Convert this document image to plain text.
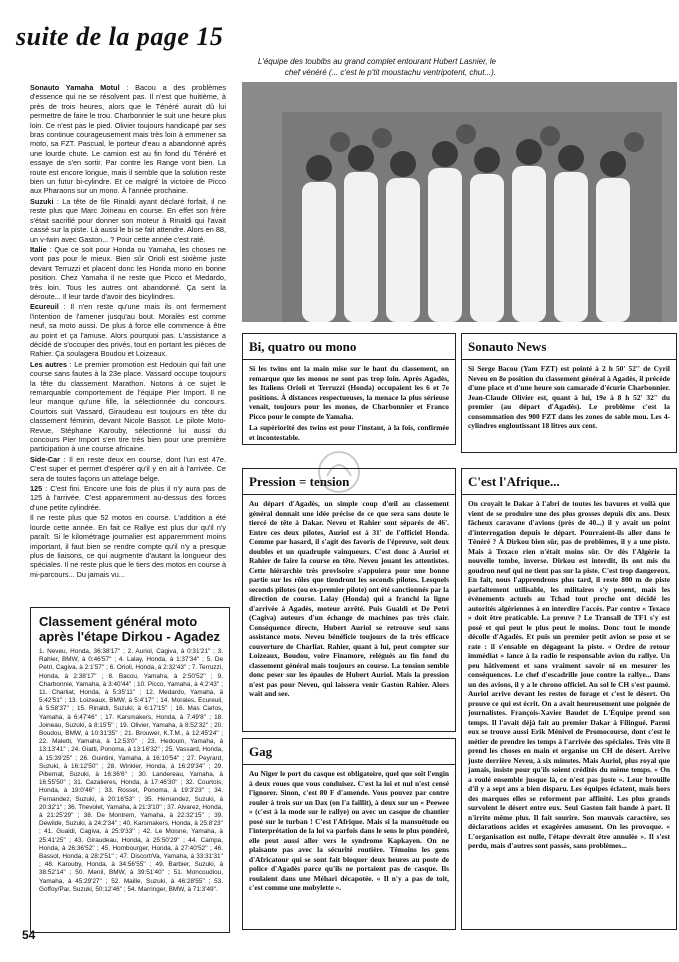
suite de la page 15
L'équipe des toubibs au grand complet entourant Hubert Lasnier, le chef vénéré (... c'est le p'tit moustachu ventripotent, chut...).

Sonauto Yamaha Motul : Bacou a des problèmes d'essence qui ne se résolvent pas. Il n'est que huitième, à près de trois heures, alors que le Ténéré aurait dû lui permettre de faire le trou. Charbonnier le suit une heure plus loin. Ce n'est pas le pied. Olivier toujours handicapé par ses bras continue courageusement mais très loin à emmener sa moto, sa FZT. Pascual, le porteur d'eau a abandonné après une lourde chute. Le camion est au fin fond du Ténéré et essaye de s'en sortir. Par contre les Range vont bien. La route est encore longue, mais il semble que la solution reste bien un futur bi-cylindre. Et ce malgré la victoire de Picco aux Pharaons sur un mono. À l'année prochaine.

Suzuki : La tête de file Rinaldi ayant déclaré forfait, il ne reste plus que Marc Joineau en course. En effet son frère s'était sacrifié pour donner son moteur à Rinaldi qui l'avait cassé sur la piste. Là aussi le bi se fait attendre. Alors en 88, un v-twin avec Gaston... ? Pour cette année c'est raté.

Italie : Que ce soit pour Honda ou Yamaha, les choses ne vont pas pour le mieux. Bien sûr Orioli est sixième juste devant Terruzzi et placent donc les Honda mono en bonne position. Chez Yamaha il ne reste que Picco et Medardo, très loin. Tous les autres ont abandonné. Ça sent la déroute... Il leur tarde d'avoir des bicylindres.

Ecureuil : Il n'en reste qu'une mais ils ont fermement l'intention de l'amener jusqu'au bout. Moralès est comme neuf, sa moto aussi. De plus à force elle commence à être au point et ça l'amuse. Alors pourquoi pas. L'assistance a décidé de s'occuper des privés, tout en portant les pièces de Rahier. Ça soulagera Boudou et Loizeaux.

Les autres : Le premier promotion est Hedouin qui fait une course sans fautes à la 23e place. Vassard occupe toujours la tête du classement Marathon. Notons à ce sujet le remarquable comportement de l'équipe Pier Import. Il ne leur manque qu'une fille, la sélectionnée du concours. Courtois suit Vassard, Giraudeau est toujours en tête du classement féminin, devant Nicole Bassot. Le pilote Moto-Revue, Stéphane Karouby, sélectionné lui aussi du concours Pier Import s'en tire très bien pour une première participation à une course africaine.

Side-Car : Il en reste deux en course, dont l'un est 47e. C'est super et permet d'espérer qu'il y en ait à l'arrivée. Ce sera de toutes façons un attelage belge.

125 : C'est fini. Encore une fois de plus il n'y aura pas de 125 à l'arrivée. C'est apparemment au-dessus des forces d'une petite cylindrée.

Il ne reste plus que 52 motos en course. L'addition a été lourde cette année. En fait ce Rallye est plus dur qu'il n'y paraît. Si le kilométrage journalier est apparemment moins important, il faut bien se rendre compte qu'il n'y a presque plus de liaisons, ce qui augmente d'autant la longueur des spéciales. Il ne reste plus que le tiers des motos en course à mi-parcours... Du jamais vu...

Classement général moto après l'étape Dirkou - Agadez
1. Neveu, Honda, 36:38'17'' ; 2. Auriol, Cagiva, à 0:31'21'' ; 3. Rahier, BMW, à 0:46'57'' ; 4. Lalay, Honda, à 1:37'34'' ; 5. De Petri, Cagiva, à 2:1'57'' ; 6. Orioli, Honda, à 2:32'43'' ; 7. Terruzzi, Honda, à 2:38'17'' ; 8. Bacou, Yamaha, à 2:50'52'' ; 9. Charbonnie, Yamaha, à 3:40'44'' ; 10. Picco, Yamaha, à 4:2'43'' ; 11. Charliat, Honda, à 5:35'11'' ; 12. Medardo, Yamaha, à 5:42'51'' ; 13. Loizeaux, BMW, à 5:4'17'' ; 14. Morales, Ecureuil, à 5:58'37'' ; 15. Rinaldi, Suzuki, à 6:17'15'' ; 16. Mas Carlos, Yamaha, à 6:47'46'' ; 17. Karsmakers, Honda, à 7:49'8'' ; 18. Joineau, Suzuki, à 8:15'5'' ; 19. Olivier, Yamaha, à 8:52'32'' ; 20. Boudou, BMW, à 10:31'35'' ; 21. Brouwer, K.T.M., à 12:45'24'' ; 22. Maletti, Yamaha, à 12:53'0'' ; 23. Hedouin, Yamaha, à 13:13'41'' ; 24. Giatti, Ponoma, à 13:16'32'' ; 25. Vassard, Honda, à 15:39'25'' ; 26. Guintini, Yamaha, à 16:10'54'' ; 27. Peyrard, Suzuki, à 16:12'50'' ; 28. Winkler, Honda, à 16:29'34'' ; 29. Pibernat, Suzuki, à 16:36'6'' ; 30. Landereau, Yamaha, à 16:55'50'' ; 31. Cazalieres, Honda, à 17:46'30'' ; 32. Courtois, Honda, à 19:0'46'' ; 33. Rosset, Ponoma, à 19:3'23'' ; 34. Fernandez, Suzuki, à 20:16'53'' ; 35. Hernandez, Suzuki, à 20:32'1'' ; 36. Thevolet, Yamaha, à 21:3'10'' ; 37. Alvarez, Honda, à 21:25'29'' ; 38. De Montrem, Yamaha, à 22:32'15'' ; 39. Dewilde, Suzuki, à 24:2'34'' ; 40. Karsmakers, Honda, à 25:8'23'' ; 41. Gualdi, Cagiva, à 25:9'33'' ; 42. Le Moisne, Yamaha, à 25:41'25'' ; 43. Giraudeau, Honda, à 25:50'29'' ; 44. Campa, Honda, à 26:36'52'' ; 45. Hombourger, Honda, à 27:40'52'' ; 46. Bassot, Honda, à 28:2'51'' ; 47. Discort/Va, Yamaha, à 33:31'31'' ; 48. Karouby, Honda, à 34:56'55'' ; 49. Barbier, Suzuki, à 38:52'14'' ; 50. Menil, BMW, à 39:51'40'' ; 51. Moncoudiou, Yamaha, à 45:29'27'' ; 52. Maille, Suzuki, à 46:28'55'' ; 53. Goffoy/Par, Suzuki, 50:12'46'' ; 54. Marringer, BMW, à 71:3'49''.
Bi, quatro ou mono

Si les twins ont la main mise sur le haut du classement, on remarque que les monos ne sont pas trop loin. Après Agadès, les Italiens Orioli et Terruzzi (Honda) occupaient les 6 et 7e positions. À distances respectueuses, la menace la plus sérieuse venait, toujours pour les monos, de Charbonnier et Franco Picco pour le compte de Yamaha.

La supériorité des twins est pour l'instant, à la fois, confirmée et incontestable.

Pression = tension
Au départ d'Agadès, un simple coup d'œil au classement général donnait une idée précise de ce que sera sans doute le tiercé de tête à Dakar. Neveu et Rahier sont séparés de 46'. Entre ces deux pilotes, Auriol est à 31' de l'officiel Honda. Comme par hasard, il s'agit des favoris de l'épreuve, soit deux doubles et un quadruple vainqueurs. C'est donc à Auriol et Rahier de faire la course en tête. Neveu jouant les attentistes. Cette hiérarchie très provisoire s'appuiera pour une bonne partie sur les rôles que tiendront les seconds pilotes. Lesquels seconds pilotes (ou ex-premier pilote) ont été sanctionnés par la direction de course. Lalay (Honda) qui a franchi la ligne d'arrivée à Agadès, moteur arrêté. Puis Gualdi et De Petri (Cagiva) auteurs d'un échange de machines pas très clair. Conséquence directe, Hubert Auriol se retrouve seul sans assistance moto. Neveu bénéficie toujours de la très efficace couverture de Charliat. Rahier, quant à lui, peut compter sur Loizeaux, Boudou, voire Finamore, relégués au fin fond du classement général mais toujours en course. La tension semble donc peser sur les épaules de Hubert Auriol. Mais la pression n'est pas pour Neveu, qui laissera venir Gaston Rahier. Alors wait and see.
Gag
Au Niger le port du casque est obligatoire, quel que soit l'engin à deux roues que vous conduisez. C'est la loi et nul n'est censé l'ignorer. Sinon, c'est 80 F d'amende. Vous pouvez par contre rouler à trois sur un Dax (on l'a faillit), à deux sur un « Peewee » (c'est à la mode sur le rallye) ou avec un casque de chantier posé sur le turban ! C'est l'Afrique. Mais si la mansuétude ou l'interprétation de la loi va parfois dans le sens le plus pondéré, elle peut aussi aller vers le syndrome Kapkayen. On ne plaisante pas avec la sécurité routière. Témoins les gens d'Africatour qui se sont fait bloquer deux heures au poste de police d'Agadès parce qu'ils ne portaient pas de casque. Ils roulaient dans une Méhari décapotée. « Il n'y a pas de toit, c'est comme une mobylette ».
Sonauto News
Si Serge Bacou (Yam FZT) est pointé à 2 h 50' 52'' de Cyril Neveu en 8e position du classement général à Agadès, il précède d'une place et d'une heure son camarade d'écurie Charbonnier. Jean-Claude Olivier est, quant à lui, 19e à 8 h 52' 32'' du premier (au départ d'Agadès). Le problème c'est la consommation des 900 FZT dans les zones de sable mou. Les 4-cylindres engloutissant 18 litres aux cent.
C'est l'Afrique...
On croyait le Dakar à l'abri de toutes les bavures et voilà que vient de se produire une des plus grosses depuis dix ans. Deux fâcheux caravane d'avions (près de 40...) il y avait un point d'interrogation depuis le départ. Pourraient-ils aller dans le Ténéré ? À Dirkou bien sûr, pas de problèmes, il y a une piste. Mais à Texaco rien n'était moins sûr. Or dès l'Algérie la nouvelle tombe, inverse. Dirkou est interdit, ils ont mis du goudron neuf qui ne tient pas sur la piste. C'est trop dangereux. En fait, nous l'apprendrons plus tard, il reste 800 m de piste parfaitement utilisable, les militaires s'y posent, mais les événements actuels au Tchad tout proche ont décidé les autorités algériennes à en interdire l'accès. Par contre « Texaco » doit être praticable. La preuve ? Le Transall de TF1 s'y est posé et qui peut le plus peut le moins. Donc tout le monde décolle d'Agadès. Et puis un premier petit avion se pose et se rate : il s'ensable en dégageant la piste. « Ordre de retour immédiat » lance à la radio le responsable avion du rallye. Un peu hâtivement et sans vraiment savoir ni en mesurer les conséquences. Le chef d'escadrille joue contre la rallye... Dans un des avions, il y a le chrono officiel. Au sol le CH s'est paumé. Auriol arrive devant les restes de forage et c'est le désert. On prouve ce qui est écrit. On a avait heureusement une poignée de journalistes. François-Xavier Baudet de L'Équipe prend son temps. Il l'avait déjà fait au premier Dakar à Filingué. Parmi eux se trouve aussi Erik Ménivel de Promocourse, dont c'est le métier de prendre les temps à l'arrivée des spéciales. Très vite il prend les choses en main et organise un CH de désert. Arrive juste derrière Neveu, à six minutes. Mais Auriol, plus royal que jamais, insiste pour qu'ils soient crédités du même temps. « On a roulé ensemble jusque là, ce n'est pas juste ». Leur brouille d'il y a sept ans a bien disparu. Les équipes éclatent, mais hors des marques elles se reforment par affinité. Les plus grands survolent le désert entre eux. Seul Gaston fait bande à part. Il n'irrite même plus. Il fait sourire. Son mauvais caractère, ses déclarations acides et exagérées amusent. On les provoque. « L'organisation est nulle, l'étape devrait être annulée ». Il s'est perdu, mais d'autres sont passés, sans problèmes...
54
